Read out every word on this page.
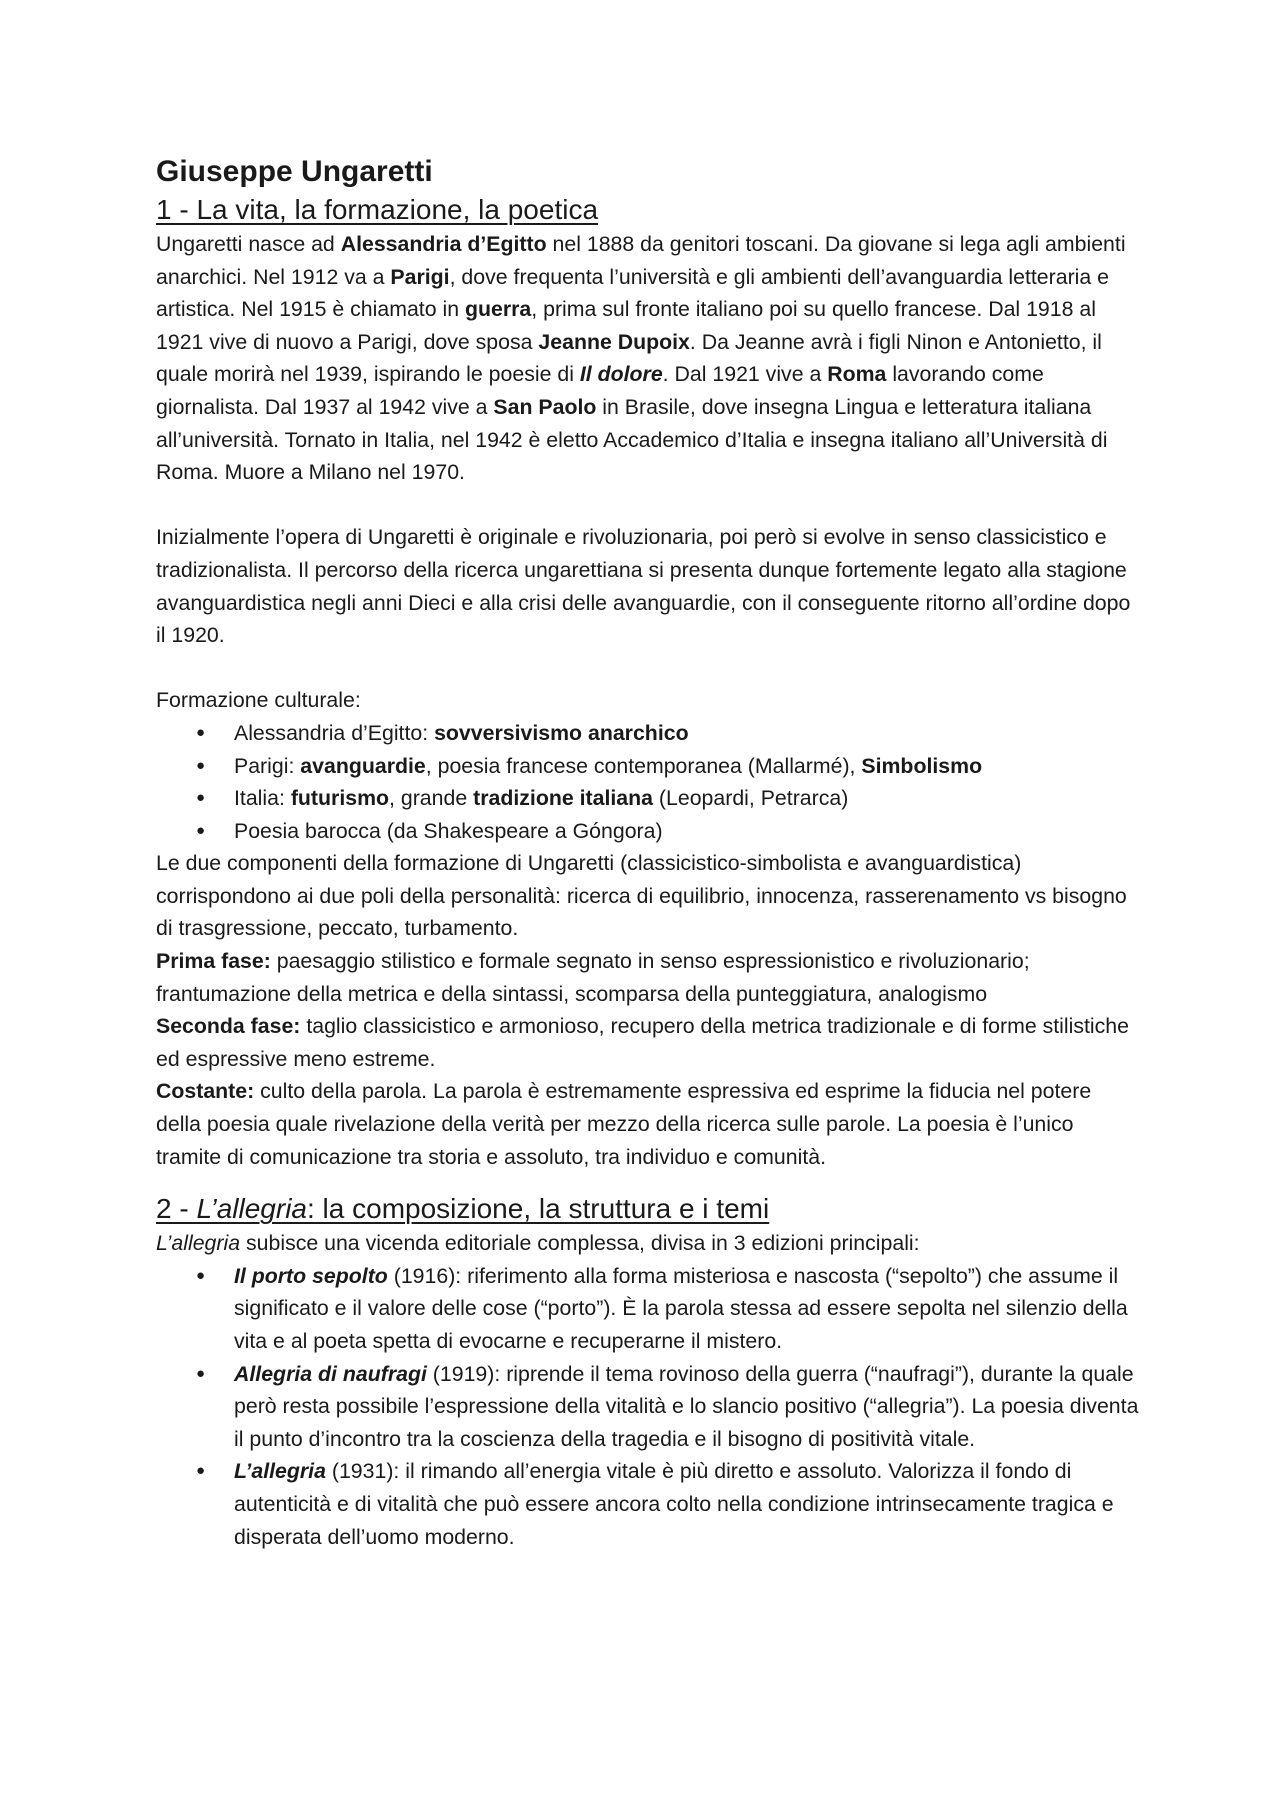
Giuseppe Ungaretti
1 - La vita, la formazione, la poetica

Ungaretti nasce ad Alessandria d’Egitto nel 1888 da genitori toscani. Da giovane si lega agli ambienti anarchici. Nel 1912 va a Parigi, dove frequenta l’università e gli ambienti dell’avanguardia letteraria e artistica. Nel 1915 è chiamato in guerra, prima sul fronte italiano poi su quello francese. Dal 1918 al 1921 vive di nuovo a Parigi, dove sposa Jeanne Dupoix. Da Jeanne avrà i figli Ninon e Antonietto, il quale morirà nel 1939, ispirando le poesie di Il dolore. Dal 1921 vive a Roma lavorando come giornalista. Dal 1937 al 1942 vive a San Paolo in Brasile, dove insegna Lingua e letteratura italiana all’università. Tornato in Italia, nel 1942 è eletto Accademico d’Italia e insegna italiano all’Università di Roma. Muore a Milano nel 1970.

Inizialmente l’opera di Ungaretti è originale e rivoluzionaria, poi però si evolve in senso classicistico e tradizionalista. Il percorso della ricerca ungarettiana si presenta dunque fortemente legato alla stagione avanguardistica negli anni Dieci e alla crisi delle avanguardie, con il conseguente ritorno all’ordine dopo il 1920.

Formazione culturale:

● Alessandria d’Egitto: sovversivismo anarchico
● Parigi: avanguardie, poesia francese contemporanea (Mallarmé), Simbolismo
● Italia: futurismo, grande tradizione italiana (Leopardi, Petrarca)
● Poesia barocca (da Shakespeare a Góngora)

Le due componenti della formazione di Ungaretti (classicistico-simbolista e avanguardistica) corrispondono ai due poli della personalità: ricerca di equilibrio, innocenza, rasserenamento vs bisogno di trasgressione, peccato, turbamento.

Prima fase: paesaggio stilistico e formale segnato in senso espressionistico e rivoluzionario; frantumazione della metrica e della sintassi, scomparsa della punteggiatura, analogismo

Seconda fase: taglio classicistico e armonioso, recupero della metrica tradizionale e di forme stilistiche ed espressive meno estreme.

Costante: culto della parola. La parola è estremamente espressiva ed esprime la fiducia nel potere della poesia quale rivelazione della verità per mezzo della ricerca sulle parole. La poesia è l’unico tramite di comunicazione tra storia e assoluto, tra individuo e comunità.

2 - L’allegria: la composizione, la struttura e i temi

L’allegria subisce una vicenda editoriale complessa, divisa in 3 edizioni principali:

● Il porto sepolto (1916): riferimento alla forma misteriosa e nascosta (“sepolto”) che assume il significato e il valore delle cose (“porto”). È la parola stessa ad essere sepolta nel silenzio della vita e al poeta spetta di evocarne e recuperarne il mistero.
● Allegria di naufragi (1919): riprende il tema rovinoso della guerra (“naufragi”), durante la quale però resta possibile l’espressione della vitalità e lo slancio positivo (“allegria”). La poesia diventa il punto d’incontro tra la coscienza della tragedia e il bisogno di positività vitale.
● L’allegria (1931): il rimando all’energia vitale è più diretto e assoluto. Valorizza il fondo di autenticità e di vitalità che può essere ancora colto nella condizione intrinsecamente tragica e disperata dell’uomo moderno.
